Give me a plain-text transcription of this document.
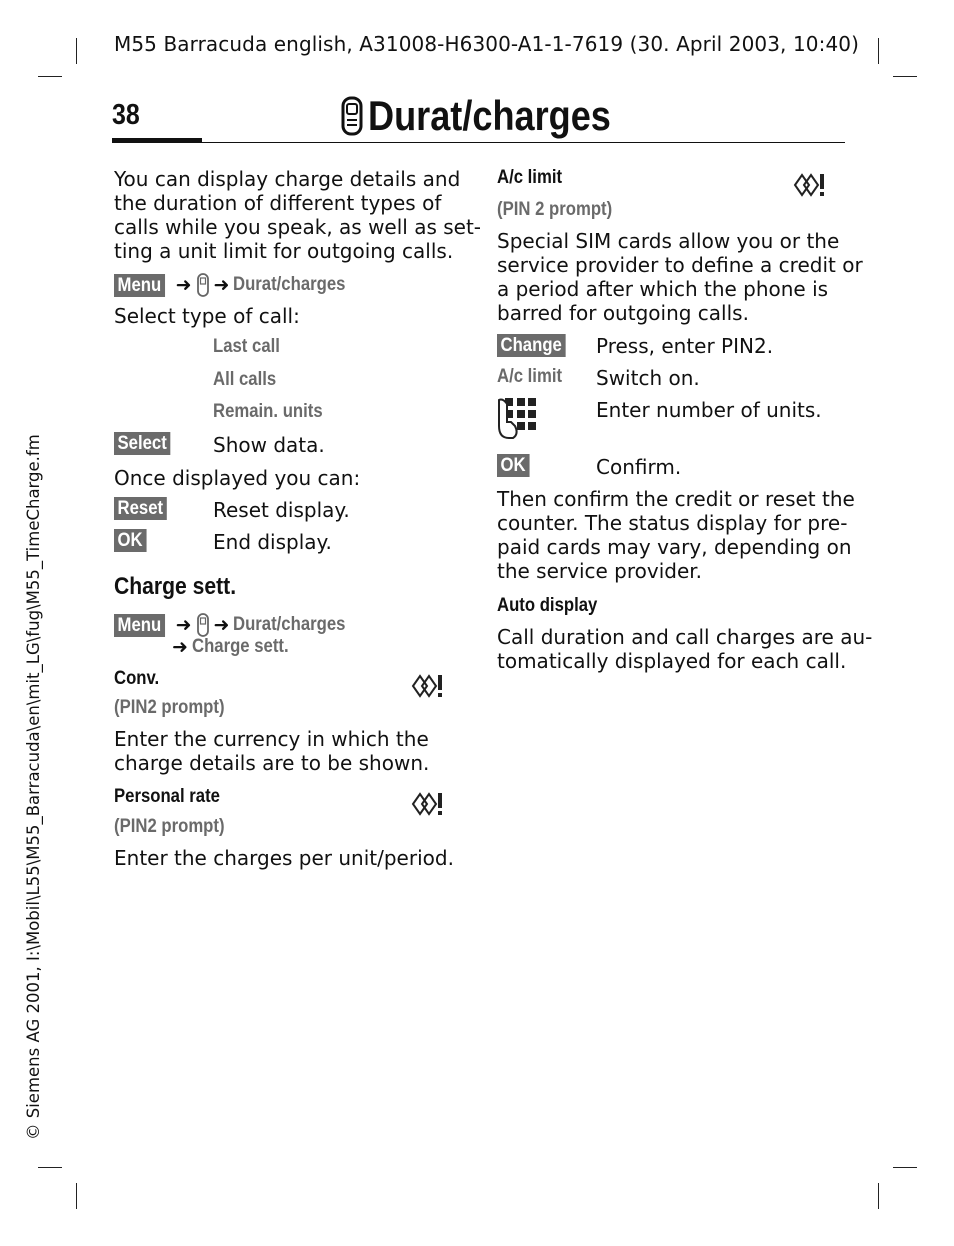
M55 Barracuda english, A31008-H6300-A1-1-7619 (30. April 2003, 10:40)
38	Durat/charges
© Siemens AG 2001, I:\Mobil\L55\M55_Barracuda\en\mit_LG\fug\M55_TimeCharge.fm
You can display charge details and
the duration of different types of
calls while you speak, as well as set-
ting a unit limit for outgoing calls.
Menu ➜ ➜ Durat/charges
Select type of call:
Last call
All calls
Remain. units
Select	Show data.
Once displayed you can:
Reset	Reset display.
OK	End display.
Charge sett.
Menu ➜ ➜ Durat/charges
➜ Charge sett.
Conv.
(PIN2 prompt)
Enter the currency in which the
charge details are to be shown.
Personal rate
(PIN2 prompt)
Enter the charges per unit/period.
A/c limit
(PIN 2 prompt)
Special SIM cards allow you or the
service provider to define a credit or
a period after which the phone is
barred for outgoing calls.
Change	Press, enter PIN2.
A/c limit Switch on.
Enter number of units.
OK	Confirm.
Then confirm the credit or reset the
counter. The status display for pre-
paid cards may vary, depending on
the service provider.
Auto display
Call duration and call charges are au-
tomatically displayed for each call.
